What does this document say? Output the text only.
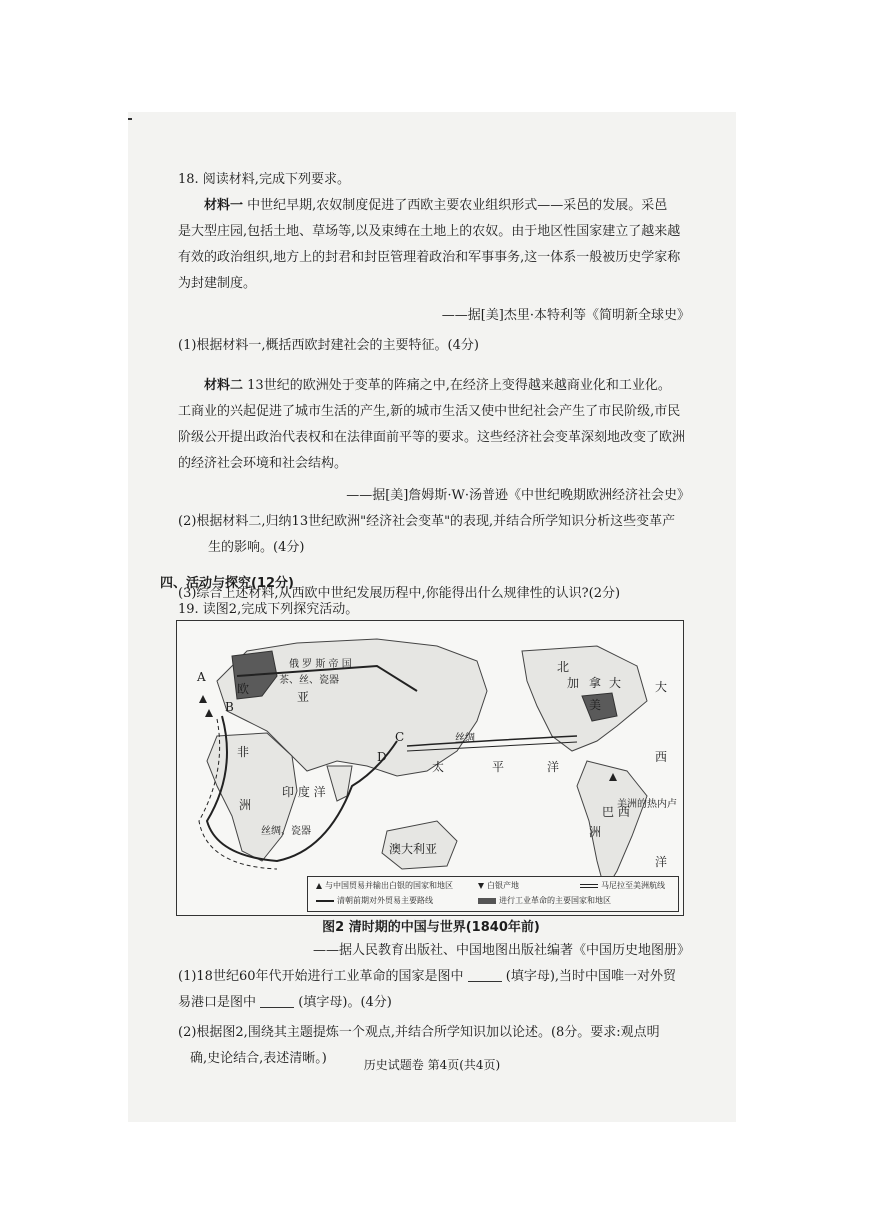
18. 阅读材料,完成下列要求。
材料一 中世纪早期,农奴制度促进了西欧主要农业组织形式——采邑的发展。采邑
是大型庄园,包括土地、草场等,以及束缚在土地上的农奴。由于地区性国家建立了越来越
有效的政治组织,地方上的封君和封臣管理着政治和军事事务,这一体系一般被历史学家称
为封建制度。
——据[美]杰里·本特利等《简明新全球史》
(1)根据材料一,概括西欧封建社会的主要特征。(4分)
材料二 13世纪的欧洲处于变革的阵痛之中,在经济上变得越来越商业化和工业化。
工商业的兴起促进了城市生活的产生,新的城市生活又使中世纪社会产生了市民阶级,市民
阶级公开提出政治代表权和在法律面前平等的要求。这些经济社会变革深刻地改变了欧洲
的经济社会环境和社会结构。
——据[美]詹姆斯·W·汤普逊《中世纪晚期欧洲经济社会史》
(2)根据材料二,归纳13世纪欧洲"经济社会变革"的表现,并结合所学知识分析这些变革产
生的影响。(4分)
(3)综合上述材料,从西欧中世纪发展历程中,你能得出什么规律性的认识?(2分)
四、活动与探究(12分)
19. 读图2,完成下列探究活动。
俄 罗 斯 帝 国
茶、丝、瓷器
欧
A
B
C
D
亚
非
洲
印 度 洋
澳大利亚
太	平	洋
北
加 拿 大
美
大
西
巴 西
洲
洋
丝绸
丝绸、瓷器
美洲的热内卢
与中国贸易并输出白银的国家和地区
清朝前期对外贸易主要路线
白银产地
进行工业革命的主要国家和地区
马尼拉至美洲航线
图2 清时期的中国与世界(1840年前)
——据人民教育出版社、中国地图出版社编著《中国历史地图册》
(1)18世纪60年代开始进行工业革命的国家是图中	(填字母),当时中国唯一对外贸
易港口是图中	(填字母)。(4分)
(2)根据图2,围绕其主题提炼一个观点,并结合所学知识加以论述。(8分。要求:观点明
确,史论结合,表述清晰。)	历史试题卷 第4页(共4页)
